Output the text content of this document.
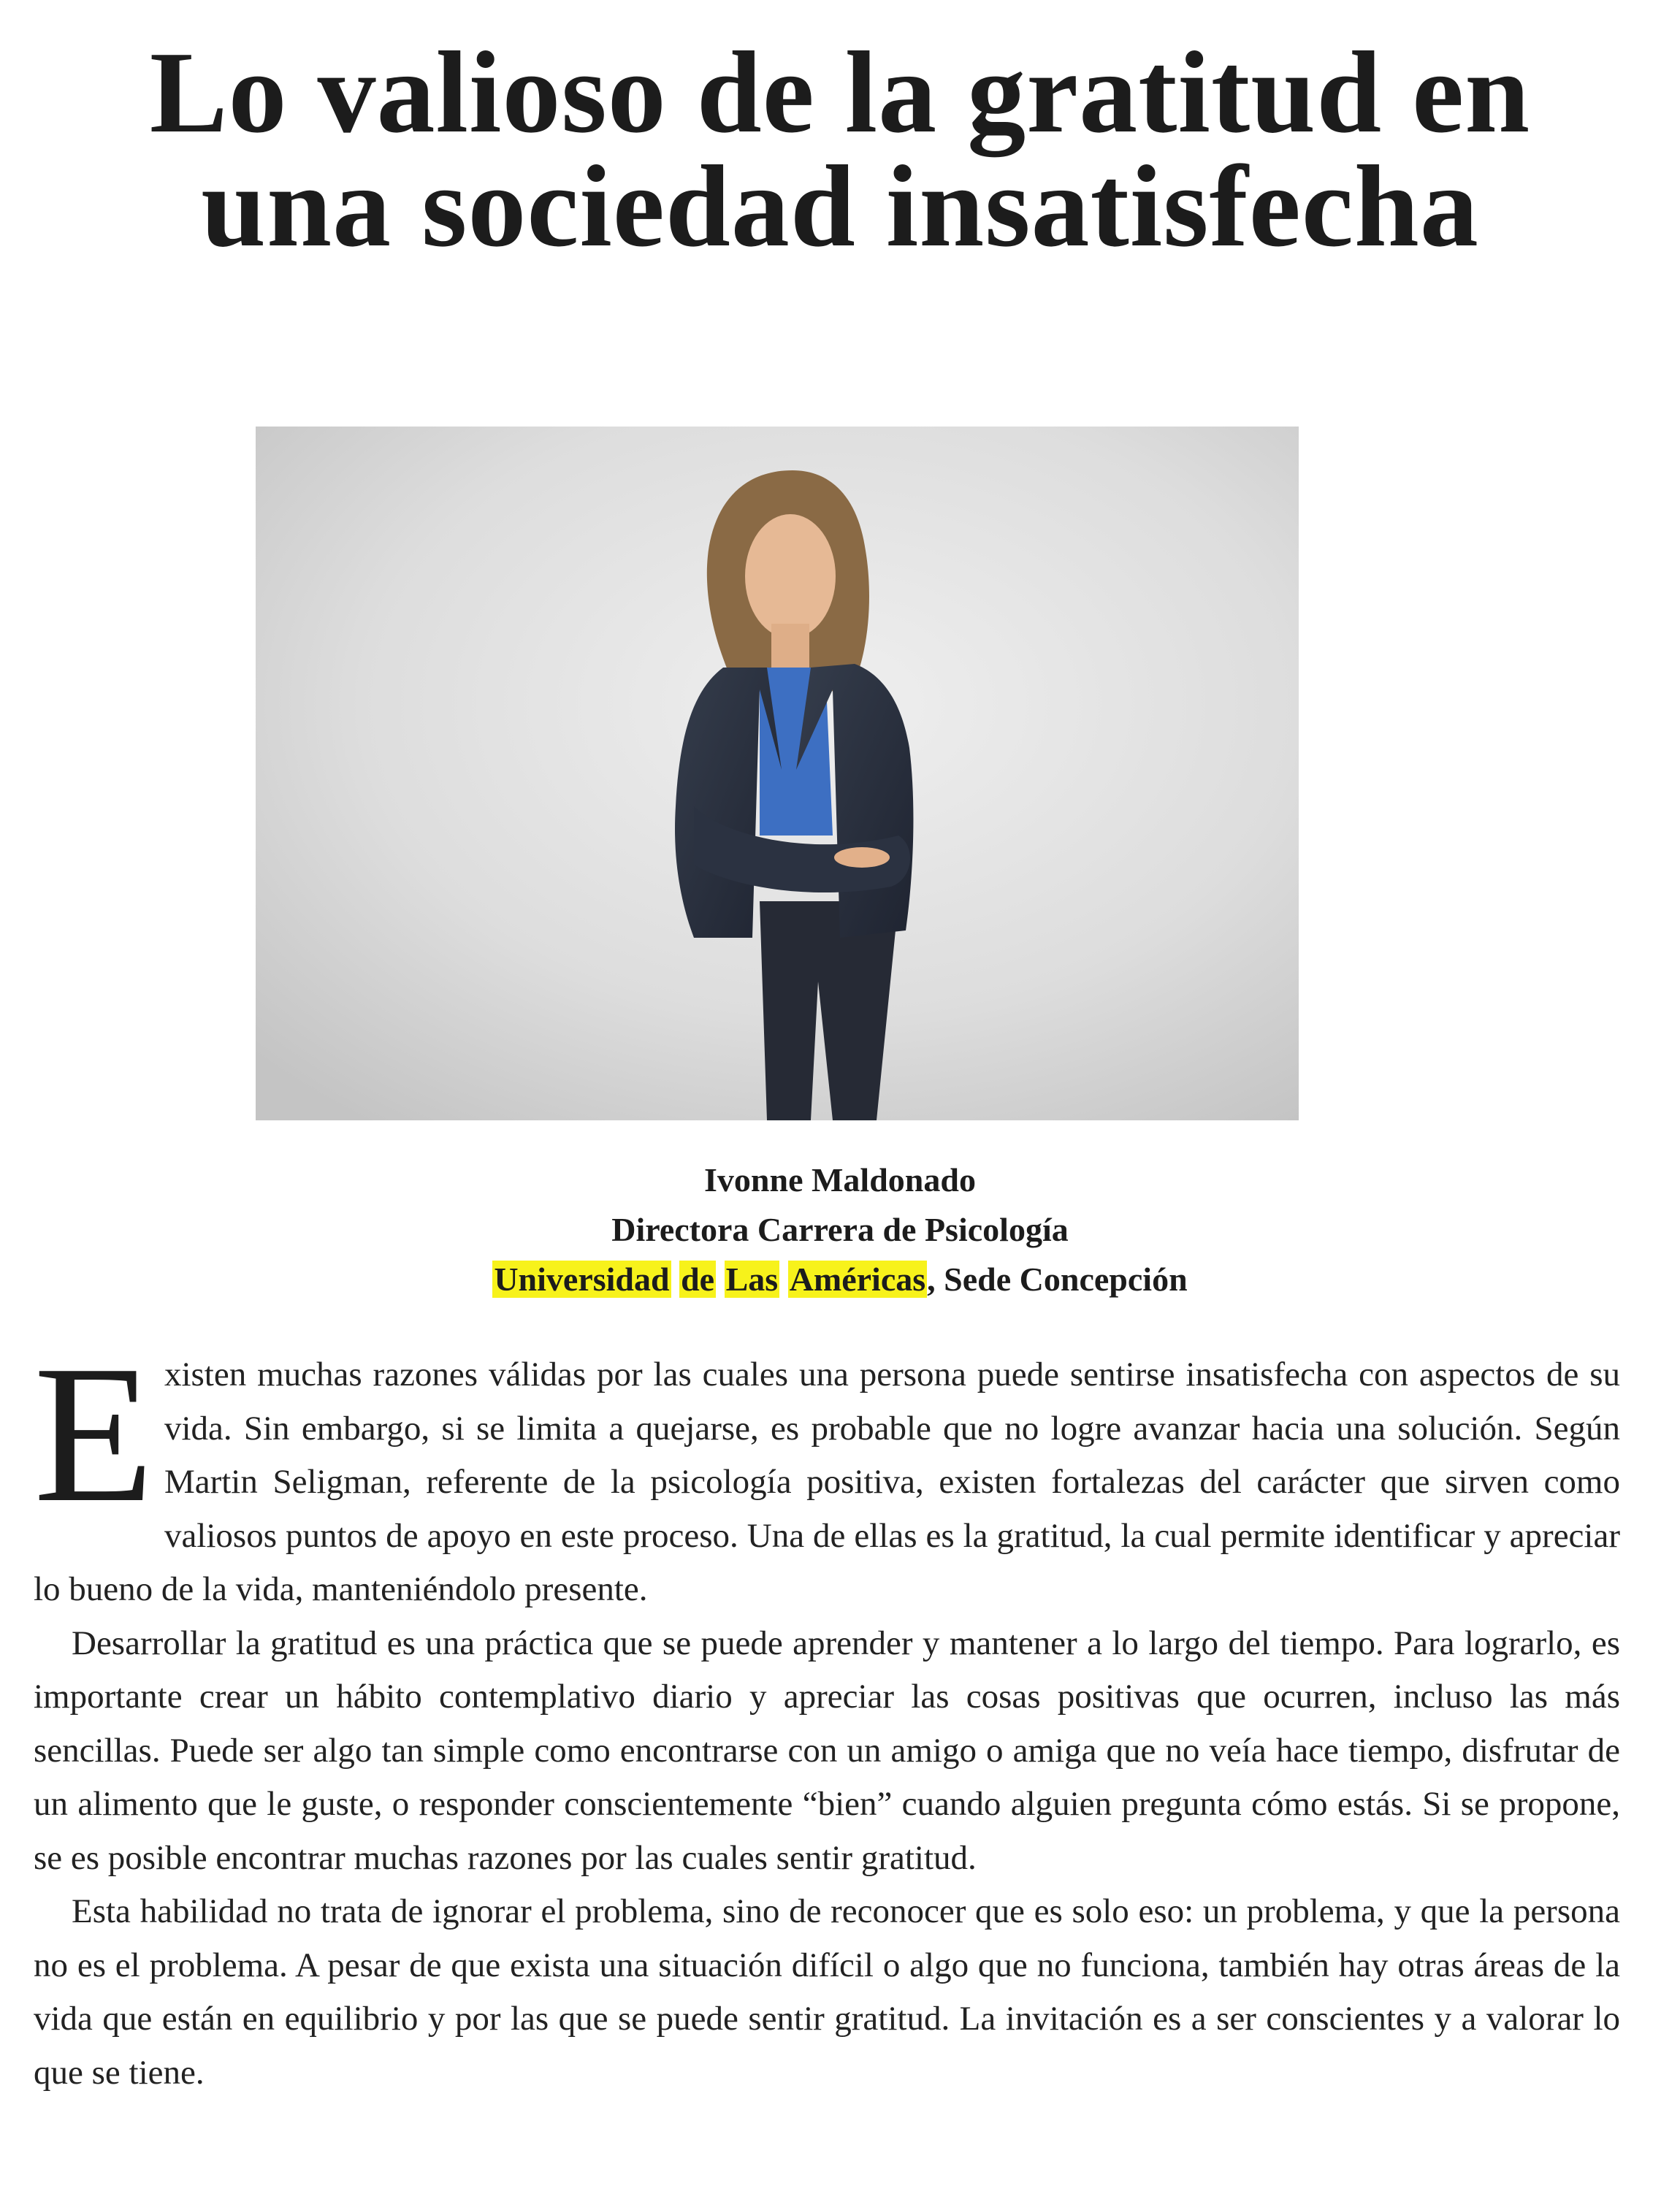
Lo valioso de la gratitud en
una sociedad insatisfecha
Ivonne Maldonado
Directora Carrera de Psicología
Universidad de Las Américas, Sede Concepción

Existen muchas razones válidas por las cuales una persona puede sentirse insatisfecha con aspectos de su vida. Sin embargo, si se limita a quejarse, es probable que no logre avanzar hacia una solución. Según Martin Seligman, referente de la psicología positiva, existen fortalezas del carácter que sirven como valiosos puntos de apoyo en este proceso. Una de ellas es la gratitud, la cual permite identificar y apreciar lo bueno de la vida, manteniéndolo presente.

Desarrollar la gratitud es una práctica que se puede aprender y mantener a lo largo del tiempo. Para lograrlo, es importante crear un hábito contemplativo diario y apreciar las cosas positivas que ocurren, incluso las más sencillas. Puede ser algo tan simple como encontrarse con un amigo o amiga que no veía hace tiempo, disfrutar de un alimento que le guste, o responder conscientemente “bien” cuando alguien pregunta cómo estás. Si se propone, se es posible encontrar muchas razones por las cuales sentir gratitud.

Esta habilidad no trata de ignorar el problema, sino de reconocer que es solo eso: un problema, y que la persona no es el problema. A pesar de que exista una situación difícil o algo que no funciona, también hay otras áreas de la vida que están en equilibrio y por las que se puede sentir gratitud. La invitación es a ser conscientes y a valorar lo que se tiene.
